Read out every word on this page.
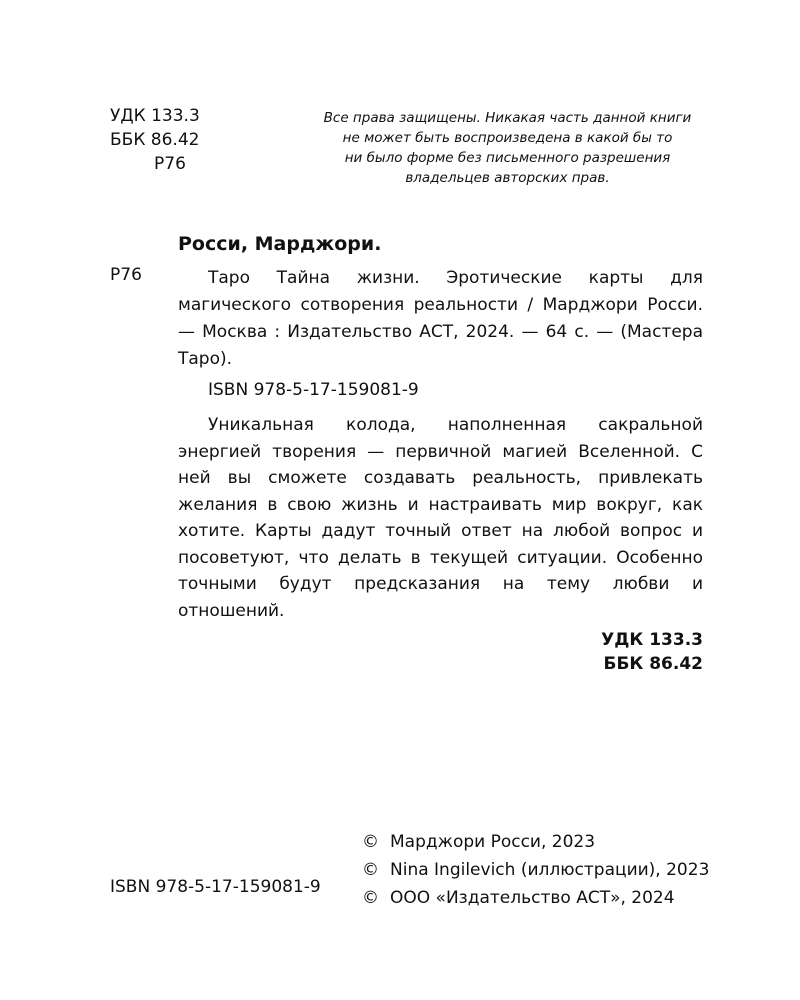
УДК 133.3
ББК 86.42
Р76
Все права защищены. Никакая часть данной книги
не может быть воспроизведена в какой бы то
ни было форме без письменного разрешения
владельцев авторских прав.
Росси, Марджори.
Р76	Таро Тайна жизни. Эротические карты для магического сотворения реальности / Марджори Росси. — Москва : Издательство АСТ, 2024. — 64 с. — (Мастера Таро).

ISBN 978-5-17-159081-9

Уникальная колода, наполненная сакральной энергией творения — первичной магией Вселенной. С ней вы сможете создавать реальность, привлекать желания в свою жизнь и настраивать мир вокруг, как хотите. Карты дадут точный ответ на любой вопрос и посоветуют, что делать в текущей ситуации. Особенно точными будут предсказания на тему любви и отношений.

УДК 133.3
ББК 86.42
© Марджори Росси, 2023
© Nina Ingilevich (иллюстрации), 2023
© ООО «Издательство АСТ», 2024
ISBN 978-5-17-159081-9
